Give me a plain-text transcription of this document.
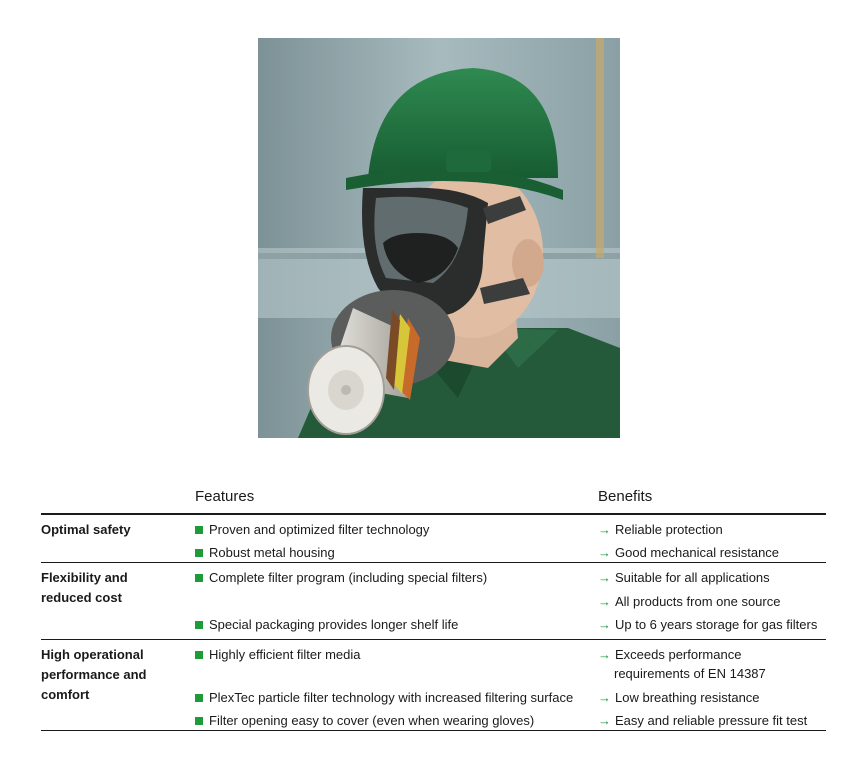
Features	Benefits
Optimal safety	Proven and optimized filter technology
Robust metal housing
→ Reliable protection
→ Good mechanical resistance
Flexibility and
reduced cost
Complete filter program (including special filters)
Special packaging provides longer shelf life
→ Suitable for all applications
→ All products from one source
→ Up to 6 years storage for gas filters
High operational
performance and
comfort
Highly efficient filter media
PlexTec particle filter technology with increased filtering surface
Filter opening easy to cover (even when wearing gloves)
→ Exceeds performance
requirements of EN 14387
→ Low breathing resistance
→ Easy and reliable pressure fit test
